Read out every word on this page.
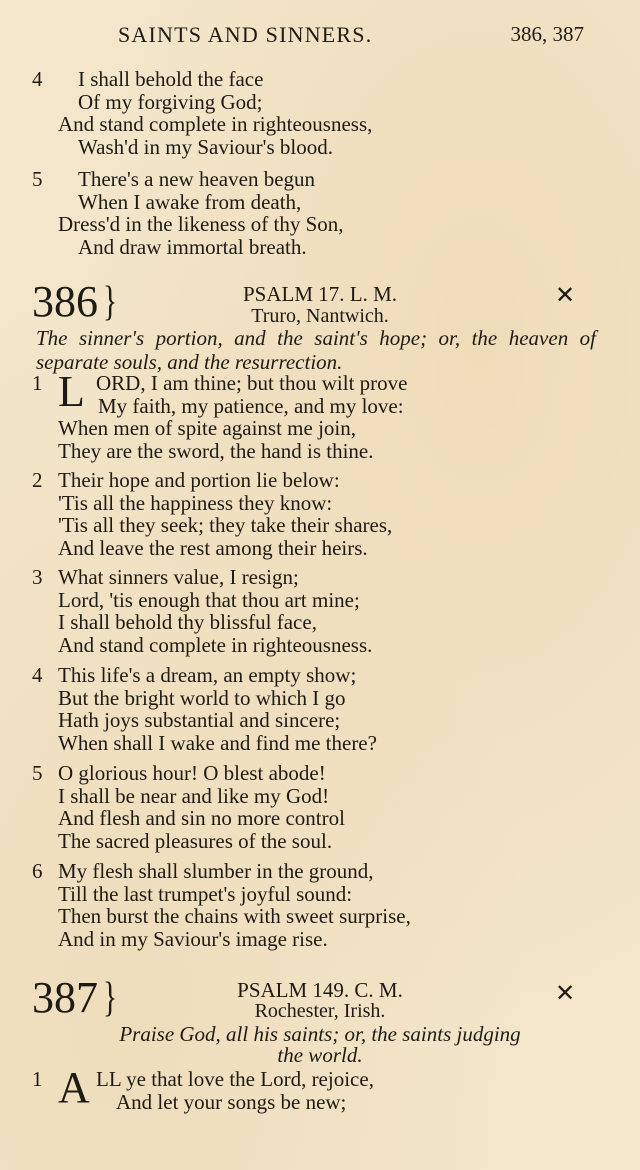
SAINTS AND SINNERS.	386, 387
4	I shall behold the face
Of my forgiving God;
And stand complete in righteousness,
Wash'd in my Saviour's blood.
5	There's a new heaven begun
When I awake from death,
Dress'd in the likeness of thy Son,
And draw immortal breath.
386 }	PSALM 17. L. M.
Truro, Nantwich.
✕
The sinner's portion, and the saint's hope; or, the heaven of separate souls, and the resurrection.
L
1	ORD, I am thine; but thou wilt prove
My faith, my patience, and my love:
When men of spite against me join,
They are the sword, the hand is thine.
2 Their hope and portion lie below:
'Tis all the happiness they know:
'Tis all they seek; they take their shares,
And leave the rest among their heirs.
3 What sinners value, I resign;
Lord, 'tis enough that thou art mine;
I shall behold thy blissful face,
And stand complete in righteousness.
4 This life's a dream, an empty show;
But the bright world to which I go
Hath joys substantial and sincere;
When shall I wake and find me there?
5 O glorious hour! O blest abode!
I shall be near and like my God!
And flesh and sin no more control
The sacred pleasures of the soul.
6 My flesh shall slumber in the ground,
Till the last trumpet's joyful sound:
Then burst the chains with sweet surprise,
And in my Saviour's image rise.
387 }	PSALM 149. C. M.
Rochester, Irish.
✕
Praise God, all his saints; or, the saints judging
the world.
A
1	LL ye that love the Lord, rejoice,
And let your songs be new;
